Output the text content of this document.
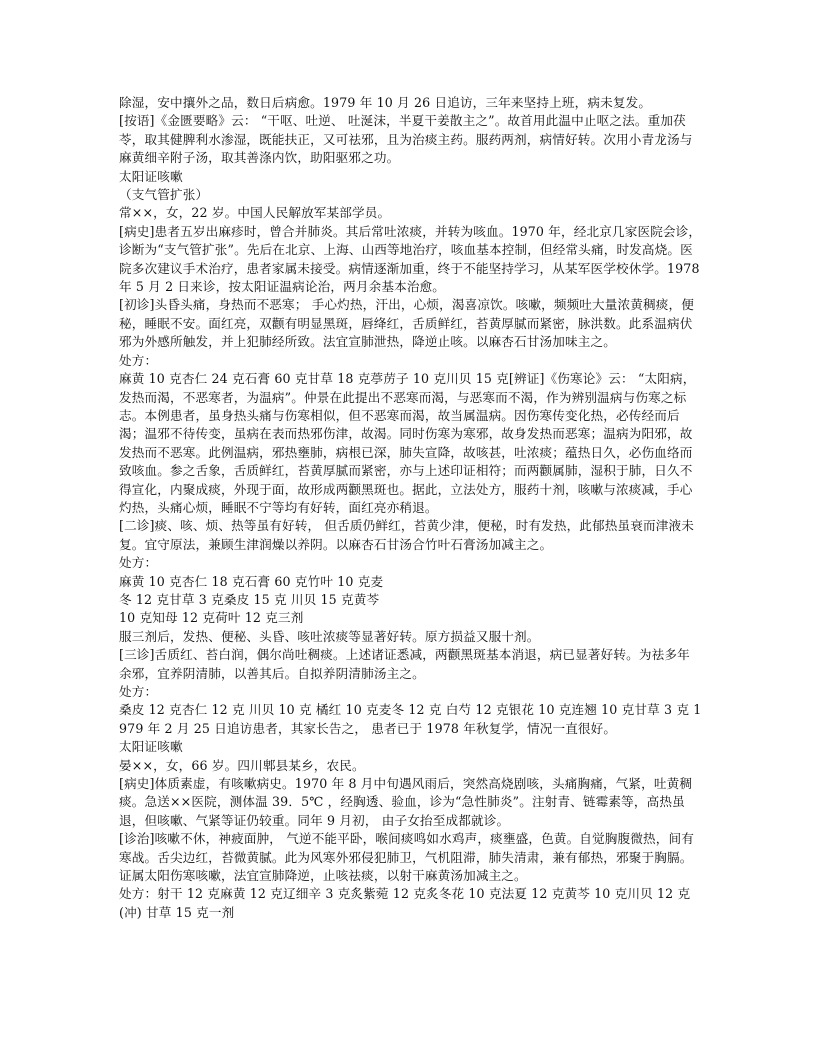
除湿，安中攘外之品，数日后病愈。1979 年 10 月 26 日追访，三年来坚持上班，病未复发。

[按语]《金匮要略》云： “干呕、吐逆、 吐涎沫，半夏干姜散主之”。故首用此温中止呕之法。重加茯苓，取其健脾利水渗湿，既能扶正，又可祛邪，且为治痰主药。服药两剂，病情好转。次用小青龙汤与麻黄细辛附子汤，取其善涤内饮，助阳驱邪之功。

太阳证咳嗽

（支气管扩张）

常××，女，22 岁。中国人民解放军某部学员。

[病史]患者五岁出麻疹时，曾合并肺炎。其后常吐浓痰，并转为咳血。1970 年，经北京几家医院会诊，诊断为“支气管扩张”。先后在北京、上海、山西等地治疗，咳血基本控制，但经常头痛，时发高烧。医院多次建议手术治疗，患者家属未接受。病情逐渐加重，终于不能坚持学习，从某军医学校休学。1978 年 5 月 2 日来诊，按太阳证温病论治，两月余基本治愈。

[初诊]头昏头痛，身热而不恶寒； 手心灼热，汗出，心烦，渴喜凉饮。咳嗽，频频吐大量浓黄稠痰，便秘，睡眠不安。面红亮，双颧有明显黑斑，唇绛红，舌质鲜红，苔黄厚腻而紧密，脉洪数。此系温病伏邪为外感所触发，并上犯肺经所致。法宜宣肺泄热，降逆止咳。以麻杏石甘汤加味主之。

处方：

麻黄 10 克杏仁 24 克石膏 60 克甘草 18 克葶苈子 10 克川贝 15 克[辨证]《伤寒论》云： “太阳病， 发热而渴，不恶寒者，为温病”。仲景在此提出不恶寒而渴，与恶寒而不渴，作为辨别温病与伤寒之标志。本例患者，虽身热头痛与伤寒相似，但不恶寒而渴，故当属温病。因伤寒传变化热，必传经而后渴；温邪不待传变，虽病在表而热邪伤津，故渴。同时伤寒为寒邪，故身发热而恶寒；温病为阳邪，故发热而不恶寒。此例温病，邪热壅肺，病根已深，肺失宣降，故咳甚，吐浓痰；蕴热日久，必伤血络而致咳血。参之舌象，舌质鲜红，苔黄厚腻而紧密，亦与上述印证相符；而两颧属肺，湿积于肺，日久不得宣化，内聚成痰，外现于面，故形成两颧黑斑也。据此，立法处方，服药十剂，咳嗽与浓痰减，手心灼热，头痛心烦，睡眠不宁等均有好转，面红亮亦稍退。

[二诊]痰、咳、烦、热等虽有好转， 但舌质仍鲜红，苔黄少津，便秘，时有发热，此郁热虽衰而津液未复。宜守原法，兼顾生津润燥以养阴。以麻杏石甘汤合竹叶石膏汤加减主之。

处方：

麻黄 10 克杏仁 18 克石膏 60 克竹叶 10 克麦

冬 12 克甘草 3 克桑皮 15 克 川贝 15 克黄芩

10 克知母 12 克荷叶 12 克三剂

服三剂后，发热、便秘、头昏、咳吐浓痰等显著好转。原方损益又服十剂。

[三诊]舌质红、苔白润，偶尔尚吐稠痰。上述诸证悉减，两颧黑斑基本消退，病已显著好转。为祛多年余邪，宜养阴清肺，以善其后。自拟养阴清肺汤主之。

处方：

桑皮 12 克杏仁 12 克 川贝 10 克 橘红 10 克麦冬 12 克 白芍 12 克银花 10 克连翘 10 克甘草 3 克 1979 年 2 月 25 日追访患者，其家长告之， 患者已于 1978 年秋复学，情况一直很好。

太阳证咳嗽

晏××，女，66 岁。四川郫县某乡，农民。

[病史]体质素虚，有咳嗽病史。1970 年 8 月中旬遇风雨后，突然高烧剧咳，头痛胸痛，气紧，吐黄稠痰。急送××医院，测体温 39．5℃ ，经胸透、验血，诊为“急性肺炎”。注射青、链霉素等，高热虽退，但咳嗽、气紧等证仍较重。同年 9 月初， 由子女抬至成都就诊。

[诊治]咳嗽不休，神疲面肿， 气逆不能平卧，喉间痰鸣如水鸡声，痰壅盛，色黄。自觉胸腹微热，间有寒战。舌尖边红，苔微黄腻。此为风寒外邪侵犯肺卫，气机阻滞，肺失清肃，兼有郁热，邪聚于胸膈。证属太阳伤寒咳嗽，法宜宣肺降逆，止咳祛痰，以射干麻黄汤加减主之。

处方：射干 12 克麻黄 12 克辽细辛 3 克炙紫菀 12 克炙冬花 10 克法夏 12 克黄芩 10 克川贝 12 克(冲) 甘草 15 克一剂
